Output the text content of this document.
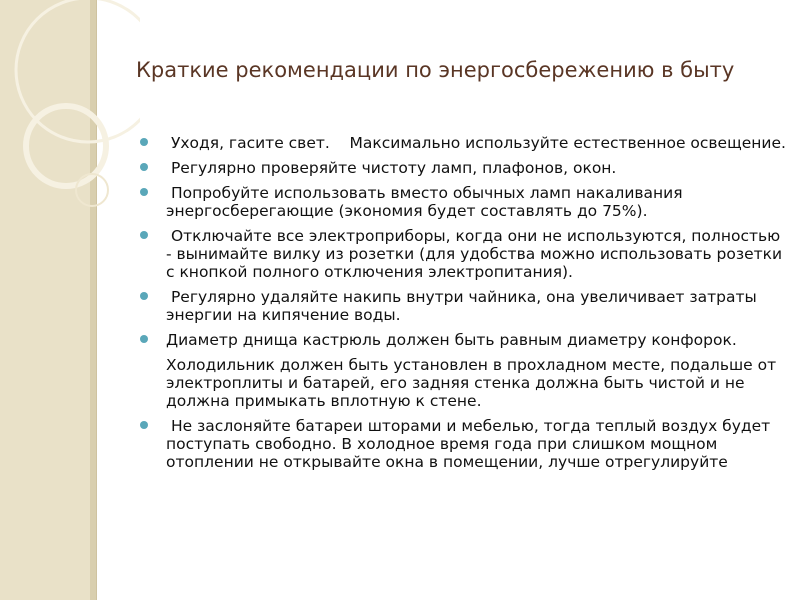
Краткие рекомендации по энергосбережению в быту
Уходя, гасите свет.    Максимально используйте естественное освещение.
Регулярно проверяйте чистоту ламп, плафонов, окон.
Попробуйте использовать вместо обычных ламп накаливания энергосберегающие (экономия будет составлять до 75%).
Отключайте все электроприборы, когда они не используются, полностью - вынимайте вилку из розетки (для удобства можно использовать розетки с кнопкой полного отключения электропитания).
Регулярно удаляйте накипь внутри чайника, она увеличивает затраты энергии на кипячение воды.
Диаметр днища кастрюль должен быть равным диаметру конфорок.
Холодильник должен быть установлен в прохладном месте, подальше от электроплиты и батарей, его задняя стенка должна быть чистой и не должна примыкать вплотную к стене.
Не заслоняйте батареи шторами и мебелью, тогда теплый воздух будет поступать свободно. В холодное время года при слишком мощном отоплении не открывайте окна в помещении, лучше отрегулируйте
